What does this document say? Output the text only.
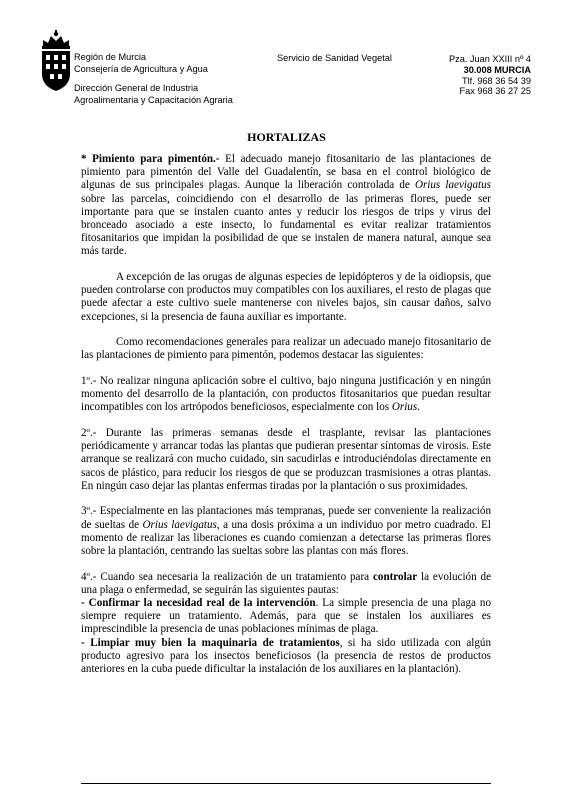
Región de Murcia
Consejería de Agricultura y Agua
Dirección General de Industria
Agroalimentaria y Capacitación Agraria
Servicio de Sanidad Vegetal	Pza. Juan XXIII nº 4
30.008 MURCIA
Tlf. 968 36 54 39
Fax 968 36 27 25
HORTALIZAS

* Pimiento para pimentón.- El adecuado manejo fitosanitario de las plantaciones de pimiento para pimentón del Valle del Guadalentín, se basa en el control biológico de algunas de sus principales plagas. Aunque la liberación controlada de Orius laevigatus sobre las parcelas, coincidiendo con el desarrollo de las primeras flores, puede ser importante para que se instalen cuanto antes y reducir los riesgos de trips y virus del bronceado asociado a este insecto, lo fundamental es evitar realizar tratamientos fitosanitarios que impidan la posibilidad de que se instalen de manera natural, aunque sea más tarde.

A excepción de las orugas de algunas especies de lepidópteros y de la oidiopsis, que pueden controlarse con productos muy compatibles con los auxiliares, el resto de plagas que puede afectar a este cultivo suele mantenerse con niveles bajos, sin causar daños, salvo excepciones, si la presencia de fauna auxiliar es importante.

Como recomendaciones generales para realizar un adecuado manejo fitosanitario de las plantaciones de pimiento para pimentón, podemos destacar las siguientes:

1º.- No realizar ninguna aplicación sobre el cultivo, bajo ninguna justificación y en ningún momento del desarrollo de la plantación, con productos fitosanitarios que puedan resultar incompatibles con los artrópodos beneficiosos, especialmente con los Orius.

2º.- Durante las primeras semanas desde el trasplante, revisar las plantaciones periódicamente y arrancar todas las plantas que pudieran presentar síntomas de virosis. Este arranque se realizará con mucho cuidado, sin sacudirlas e introduciéndolas directamente en sacos de plástico, para reducir los riesgos de que se produzcan trasmisiones a otras plantas. En ningún caso dejar las plantas enfermas tiradas por la plantación o sus proximidades.

3º.- Especialmente en las plantaciones más tempranas, puede ser conveniente la realización de sueltas de Orius laevigatus, a una dosis próxima a un individuo por metro cuadrado. El momento de realizar las liberaciones es cuando comienzan a detectarse las primeras flores sobre la plantación, centrando las sueltas sobre las plantas con más flores.

4º.- Cuando sea necesaria la realización de un tratamiento para controlar la evolución de una plaga o enfermedad, se seguirán las siguientes pautas:

- Confirmar la necesidad real de la intervención. La simple presencia de una plaga no siempre requiere un tratamiento. Además, para que se instalen los auxiliares es imprescindible la presencia de unas poblaciones mínimas de plaga.

- Limpiar muy bien la maquinaria de tratamientos, si ha sido utilizada con algún producto agresivo para los insectos beneficiosos (la presencia de restos de productos anteriores en la cuba puede dificultar la instalación de los auxiliares en la plantación).
